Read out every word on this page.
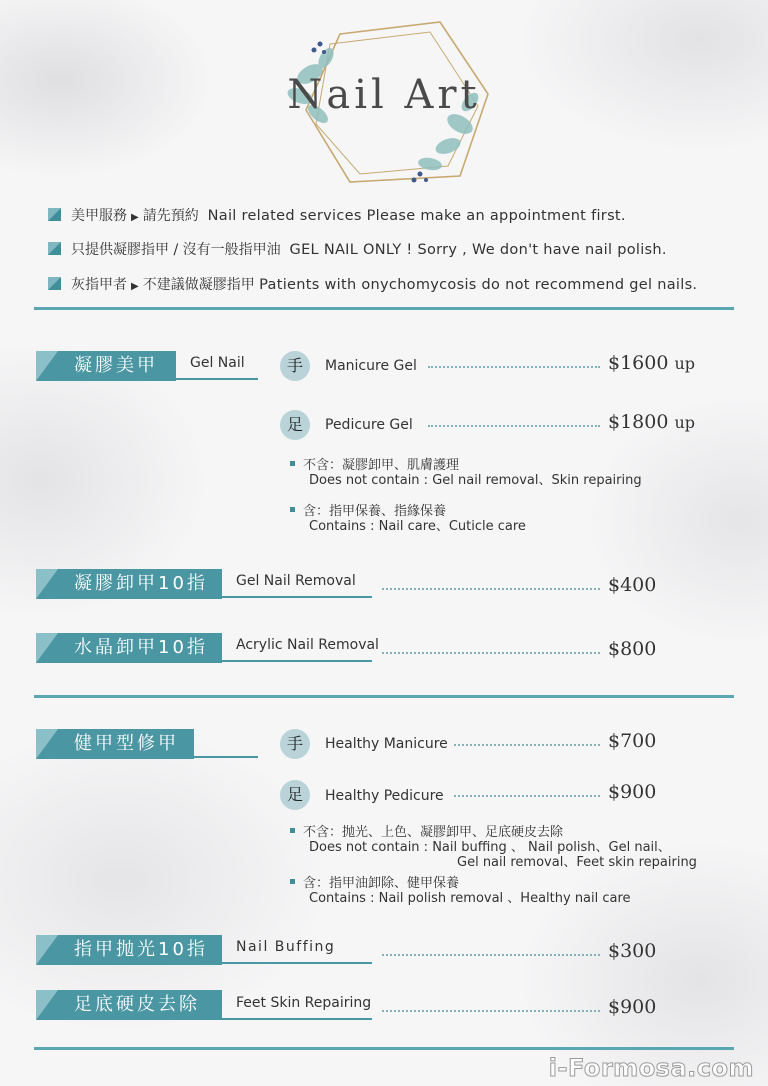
Nail Art
美甲服務 ▶ 請先預約 Nail related services Please make an appointment first.
只提供凝膠指甲 / 沒有一般指甲油 GEL NAIL ONLY ! Sorry , We don't have nail polish.
灰指甲者 ▶ 不建議做凝膠指甲 Patients with onychomycosis do not recommend gel nails.
凝膠美甲	Gel Nail	手	Manicure Gel	$1600 up
足	Pedicure Gel	$1800 up
不含：凝膠卸甲、肌膚護理
Does not contain : Gel nail removal、Skin repairing
含：指甲保養、指緣保養
Contains : Nail care、Cuticle care
凝膠卸甲10指	Gel Nail Removal	$400
水晶卸甲10指	Acrylic Nail Removal	$800
健甲型修甲	手	Healthy Manicure	$700
足	Healthy Pedicure	$900
不含：抛光、上色、凝膠卸甲、足底硬皮去除
Does not contain : Nail buffing 、 Nail polish、Gel nail、
Gel nail removal、Feet skin repairing
含：指甲油卸除、健甲保養
Contains : Nail polish removal 、Healthy nail care
指甲抛光10指	Nail Buffing	$300
足底硬皮去除	Feet Skin Repairing	$900
i-Formosa.com
